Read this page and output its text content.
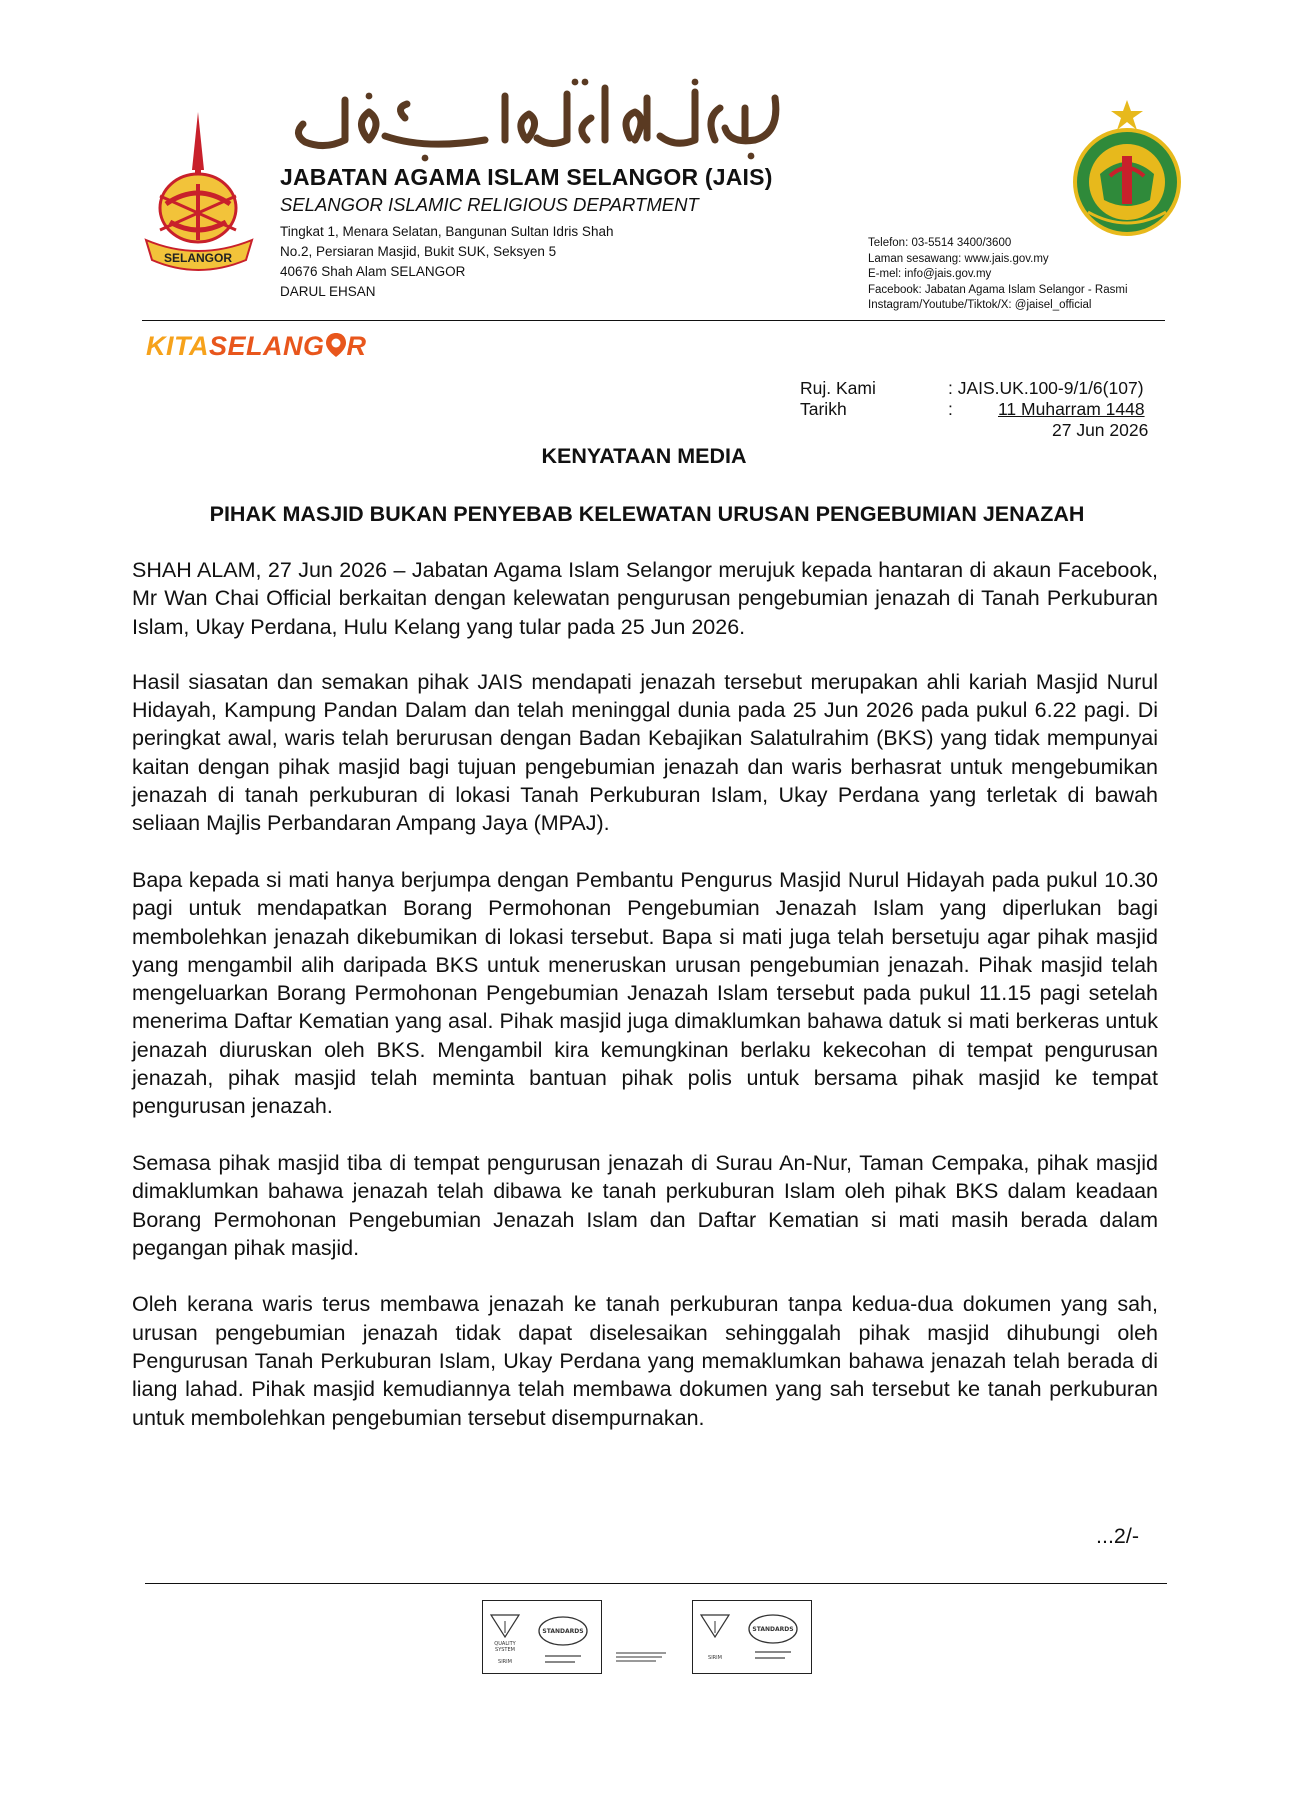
SELANGOR
JABATAN AGAMA ISLAM SELANGOR (JAIS)
SELANGOR ISLAMIC RELIGIOUS DEPARTMENT
Tingkat 1, Menara Selatan, Bangunan Sultan Idris Shah
No.2, Persiaran Masjid, Bukit SUK, Seksyen 5
40676 Shah Alam SELANGOR
DARUL EHSAN
Telefon: 03-5514 3400/3600
Laman sesawang: www.jais.gov.my
E-mel: info@jais.gov.my
Facebook: Jabatan Agama Islam Selangor - Rasmi
Instagram/Youtube/Tiktok/X: @jaisel_official
KITASELANG R
Ruj. Kami	: JAIS.UK.100-9/1/6(107)
Tarikh	:	11 Muharram 1448
27 Jun 2026
KENYATAAN MEDIA
PIHAK MASJID BUKAN PENYEBAB KELEWATAN URUSAN PENGEBUMIAN JENAZAH

SHAH ALAM, 27 Jun 2026 – Jabatan Agama Islam Selangor merujuk kepada hantaran di akaun Facebook, Mr Wan Chai Official berkaitan dengan kelewatan pengurusan pengebumian jenazah di Tanah Perkuburan Islam, Ukay Perdana, Hulu Kelang yang tular pada 25 Jun 2026.

Hasil siasatan dan semakan pihak JAIS mendapati jenazah tersebut merupakan ahli kariah Masjid Nurul Hidayah, Kampung Pandan Dalam dan telah meninggal dunia pada 25 Jun 2026 pada pukul 6.22 pagi. Di peringkat awal, waris telah berurusan dengan Badan Kebajikan Salatulrahim (BKS) yang tidak mempunyai kaitan dengan pihak masjid bagi tujuan pengebumian jenazah dan waris berhasrat untuk mengebumikan jenazah di tanah perkuburan di lokasi Tanah Perkuburan Islam, Ukay Perdana yang terletak di bawah seliaan Majlis Perbandaran Ampang Jaya (MPAJ).

Bapa kepada si mati hanya berjumpa dengan Pembantu Pengurus Masjid Nurul Hidayah pada pukul 10.30 pagi untuk mendapatkan Borang Permohonan Pengebumian Jenazah Islam yang diperlukan bagi membolehkan jenazah dikebumikan di lokasi tersebut. Bapa si mati juga telah bersetuju agar pihak masjid yang mengambil alih daripada BKS untuk meneruskan urusan pengebumian jenazah. Pihak masjid telah mengeluarkan Borang Permohonan Pengebumian Jenazah Islam tersebut pada pukul 11.15 pagi setelah menerima Daftar Kematian yang asal. Pihak masjid juga dimaklumkan bahawa datuk si mati berkeras untuk jenazah diuruskan oleh BKS. Mengambil kira kemungkinan berlaku kekecohan di tempat pengurusan jenazah, pihak masjid telah meminta bantuan pihak polis untuk bersama pihak masjid ke tempat pengurusan jenazah.

Semasa pihak masjid tiba di tempat pengurusan jenazah di Surau An-Nur, Taman Cempaka, pihak masjid dimaklumkan bahawa jenazah telah dibawa ke tanah perkuburan Islam oleh pihak BKS dalam keadaan Borang Permohonan Pengebumian Jenazah Islam dan Daftar Kematian si mati masih berada dalam pegangan pihak masjid.

Oleh kerana waris terus membawa jenazah ke tanah perkuburan tanpa kedua-dua dokumen yang sah, urusan pengebumian jenazah tidak dapat diselesaikan sehinggalah pihak masjid dihubungi oleh Pengurusan Tanah Perkuburan Islam, Ukay Perdana yang memaklumkan bahawa jenazah telah berada di liang lahad. Pihak masjid kemudiannya telah membawa dokumen yang sah tersebut ke tanah perkuburan untuk membolehkan pengebumian tersebut disempurnakan.

...2/-
QUALITY
SYSTEM
STANDARDS
SIRIM
STANDARDS
SIRIM
